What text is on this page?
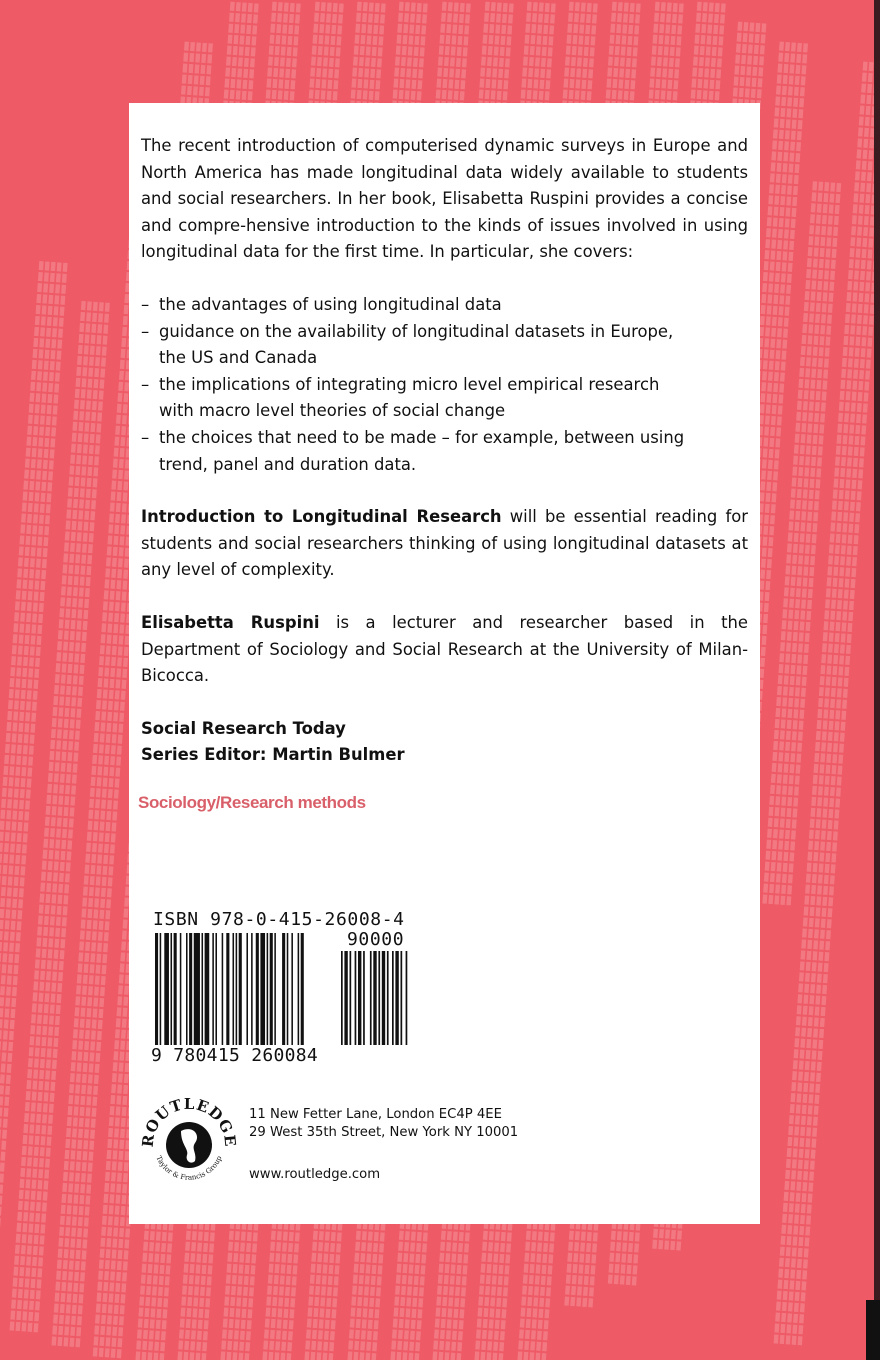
The recent introduction of computerised dynamic surveys in Europe and North America has made longitudinal data widely available to students and social researchers. In her book, Elisabetta Ruspini provides a concise and compre-hensive introduction to the kinds of issues involved in using longitudinal data for the first time. In particular, she covers:

– the advantages of using longitudinal data
– guidance on the availability of longitudinal datasets in Europe, the US and Canada
– the implications of integrating micro level empirical research with macro level theories of social change
– the choices that need to be made – for example, between using trend, panel and duration data.

Introduction to Longitudinal Research will be essential reading for students and social researchers thinking of using longitudinal datasets at any level of complexity.

Elisabetta Ruspini is a lecturer and researcher based in the Department of Sociology and Social Research at the University of Milan-Bicocca.

Social Research Today
Series Editor: Martin Bulmer
Sociology/Research methods
ISBN 978-0-415-26008-4
90000
9 780415 260084
OUTLEDG
Taylor & Francis Group
11 New Fetter Lane, London EC4P 4EE
29 West 35th Street, New York NY 10001
www.routledge.com
